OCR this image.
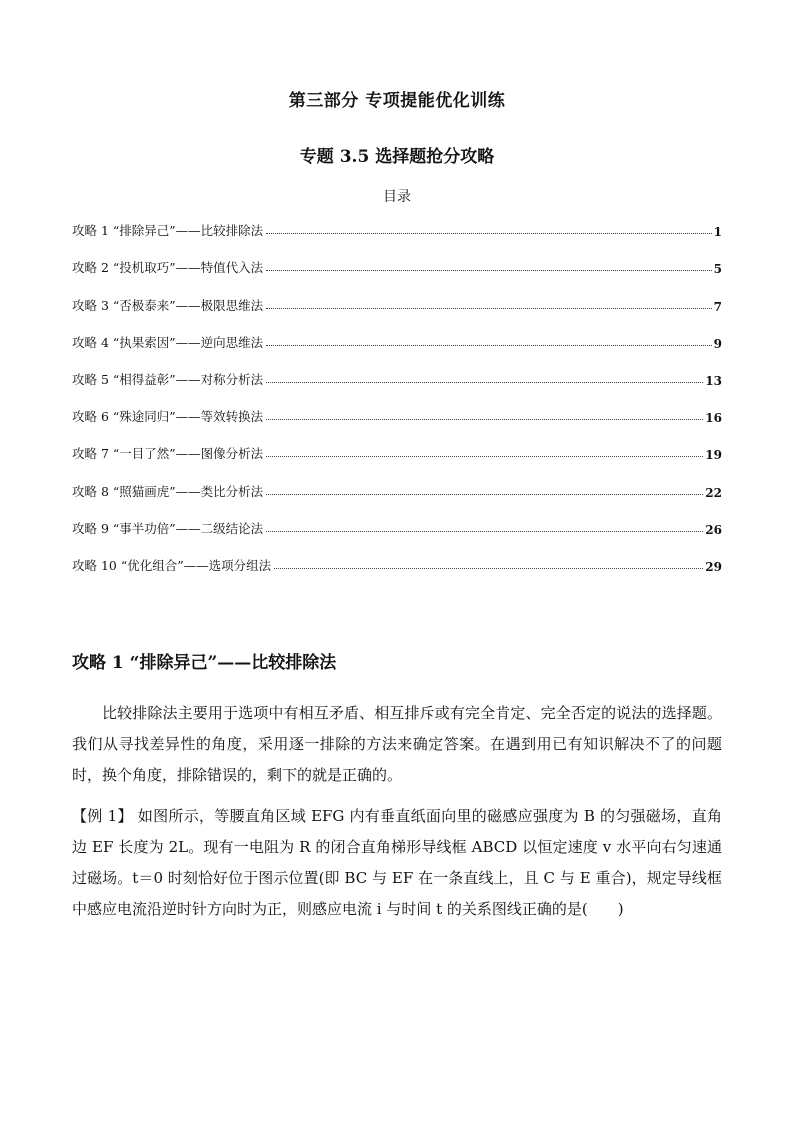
第三部分 专项提能优化训练
专题 3.5 选择题抢分攻略
目录
攻略 1 “排除异己”——比较排除法	1
攻略 2 “投机取巧”——特值代入法	5
攻略 3 “否极泰来”——极限思维法	7
攻略 4 “执果索因”——逆向思维法	9
攻略 5 “相得益彰”——对称分析法	13
攻略 6 “殊途同归”——等效转换法	16
攻略 7 “一目了然”——图像分析法	19
攻略 8 “照猫画虎”——类比分析法	22
攻略 9 “事半功倍”——二级结论法	26
攻略 10 “优化组合”——选项分组法	29
攻略 1 “排除异己”——比较排除法
比较排除法主要用于选项中有相互矛盾、相互排斥或有完全肯定、完全否定的说法的选择题。我们从寻找差异性的角度，采用逐一排除的方法来确定答案。在遇到用已有知识解决不了的问题时，换个角度，排除错误的，剩下的就是正确的。
【例 1】 如图所示，等腰直角区域 EFG 内有垂直纸面向里的磁感应强度为 B 的匀强磁场，直角边 EF 长度为 2L。现有一电阻为 R 的闭合直角梯形导线框 ABCD 以恒定速度 v 水平向右匀速通过磁场。t＝0 时刻恰好位于图示位置(即 BC 与 EF 在一条直线上，且 C 与 E 重合)，规定导线框中感应电流沿逆时针方向时为正，则感应电流 i 与时间 t 的关系图线正确的是(　　)
